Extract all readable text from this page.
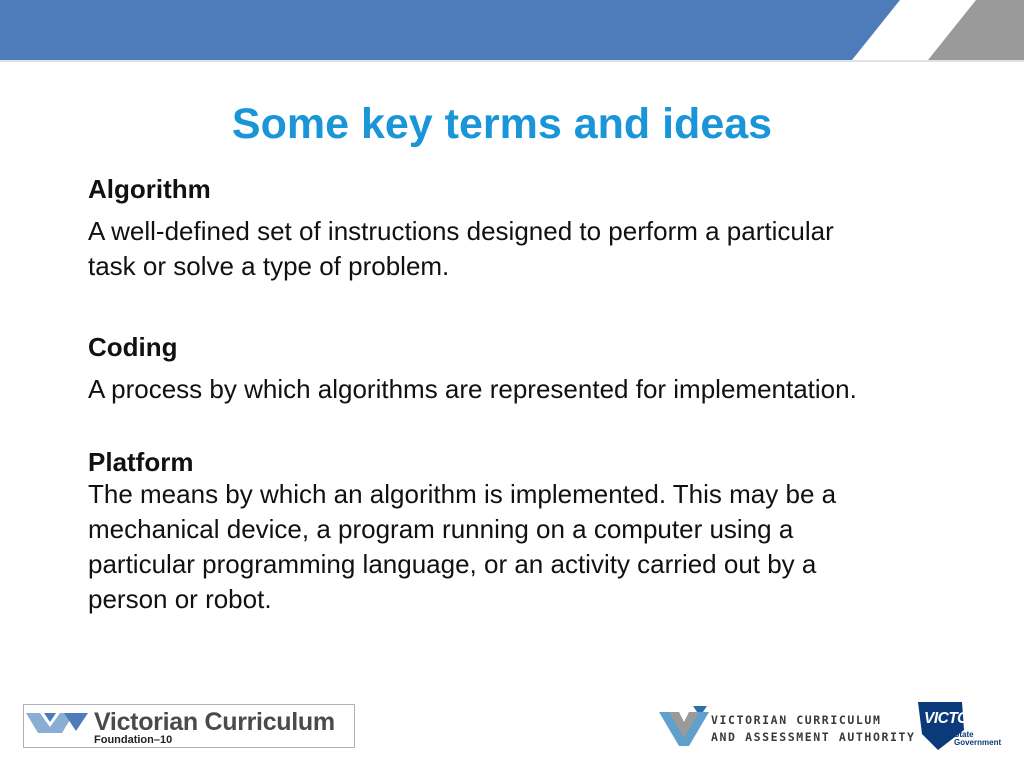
Some key terms and ideas

Algorithm

A well-defined set of instructions designed to perform a particular

task or solve a type of problem.

Coding

A process by which algorithms are represented for implementation.

Platform

The means by which an algorithm is implemented. This may be a

mechanical device, a program running on a computer using a

particular programming language, or an activity carried out by a

person or robot.

Victorian Curriculum
Foundation–10
VICTORIAN CURRICULUM
AND ASSESSMENT AUTHORITY
VICTORIA
State
Government
